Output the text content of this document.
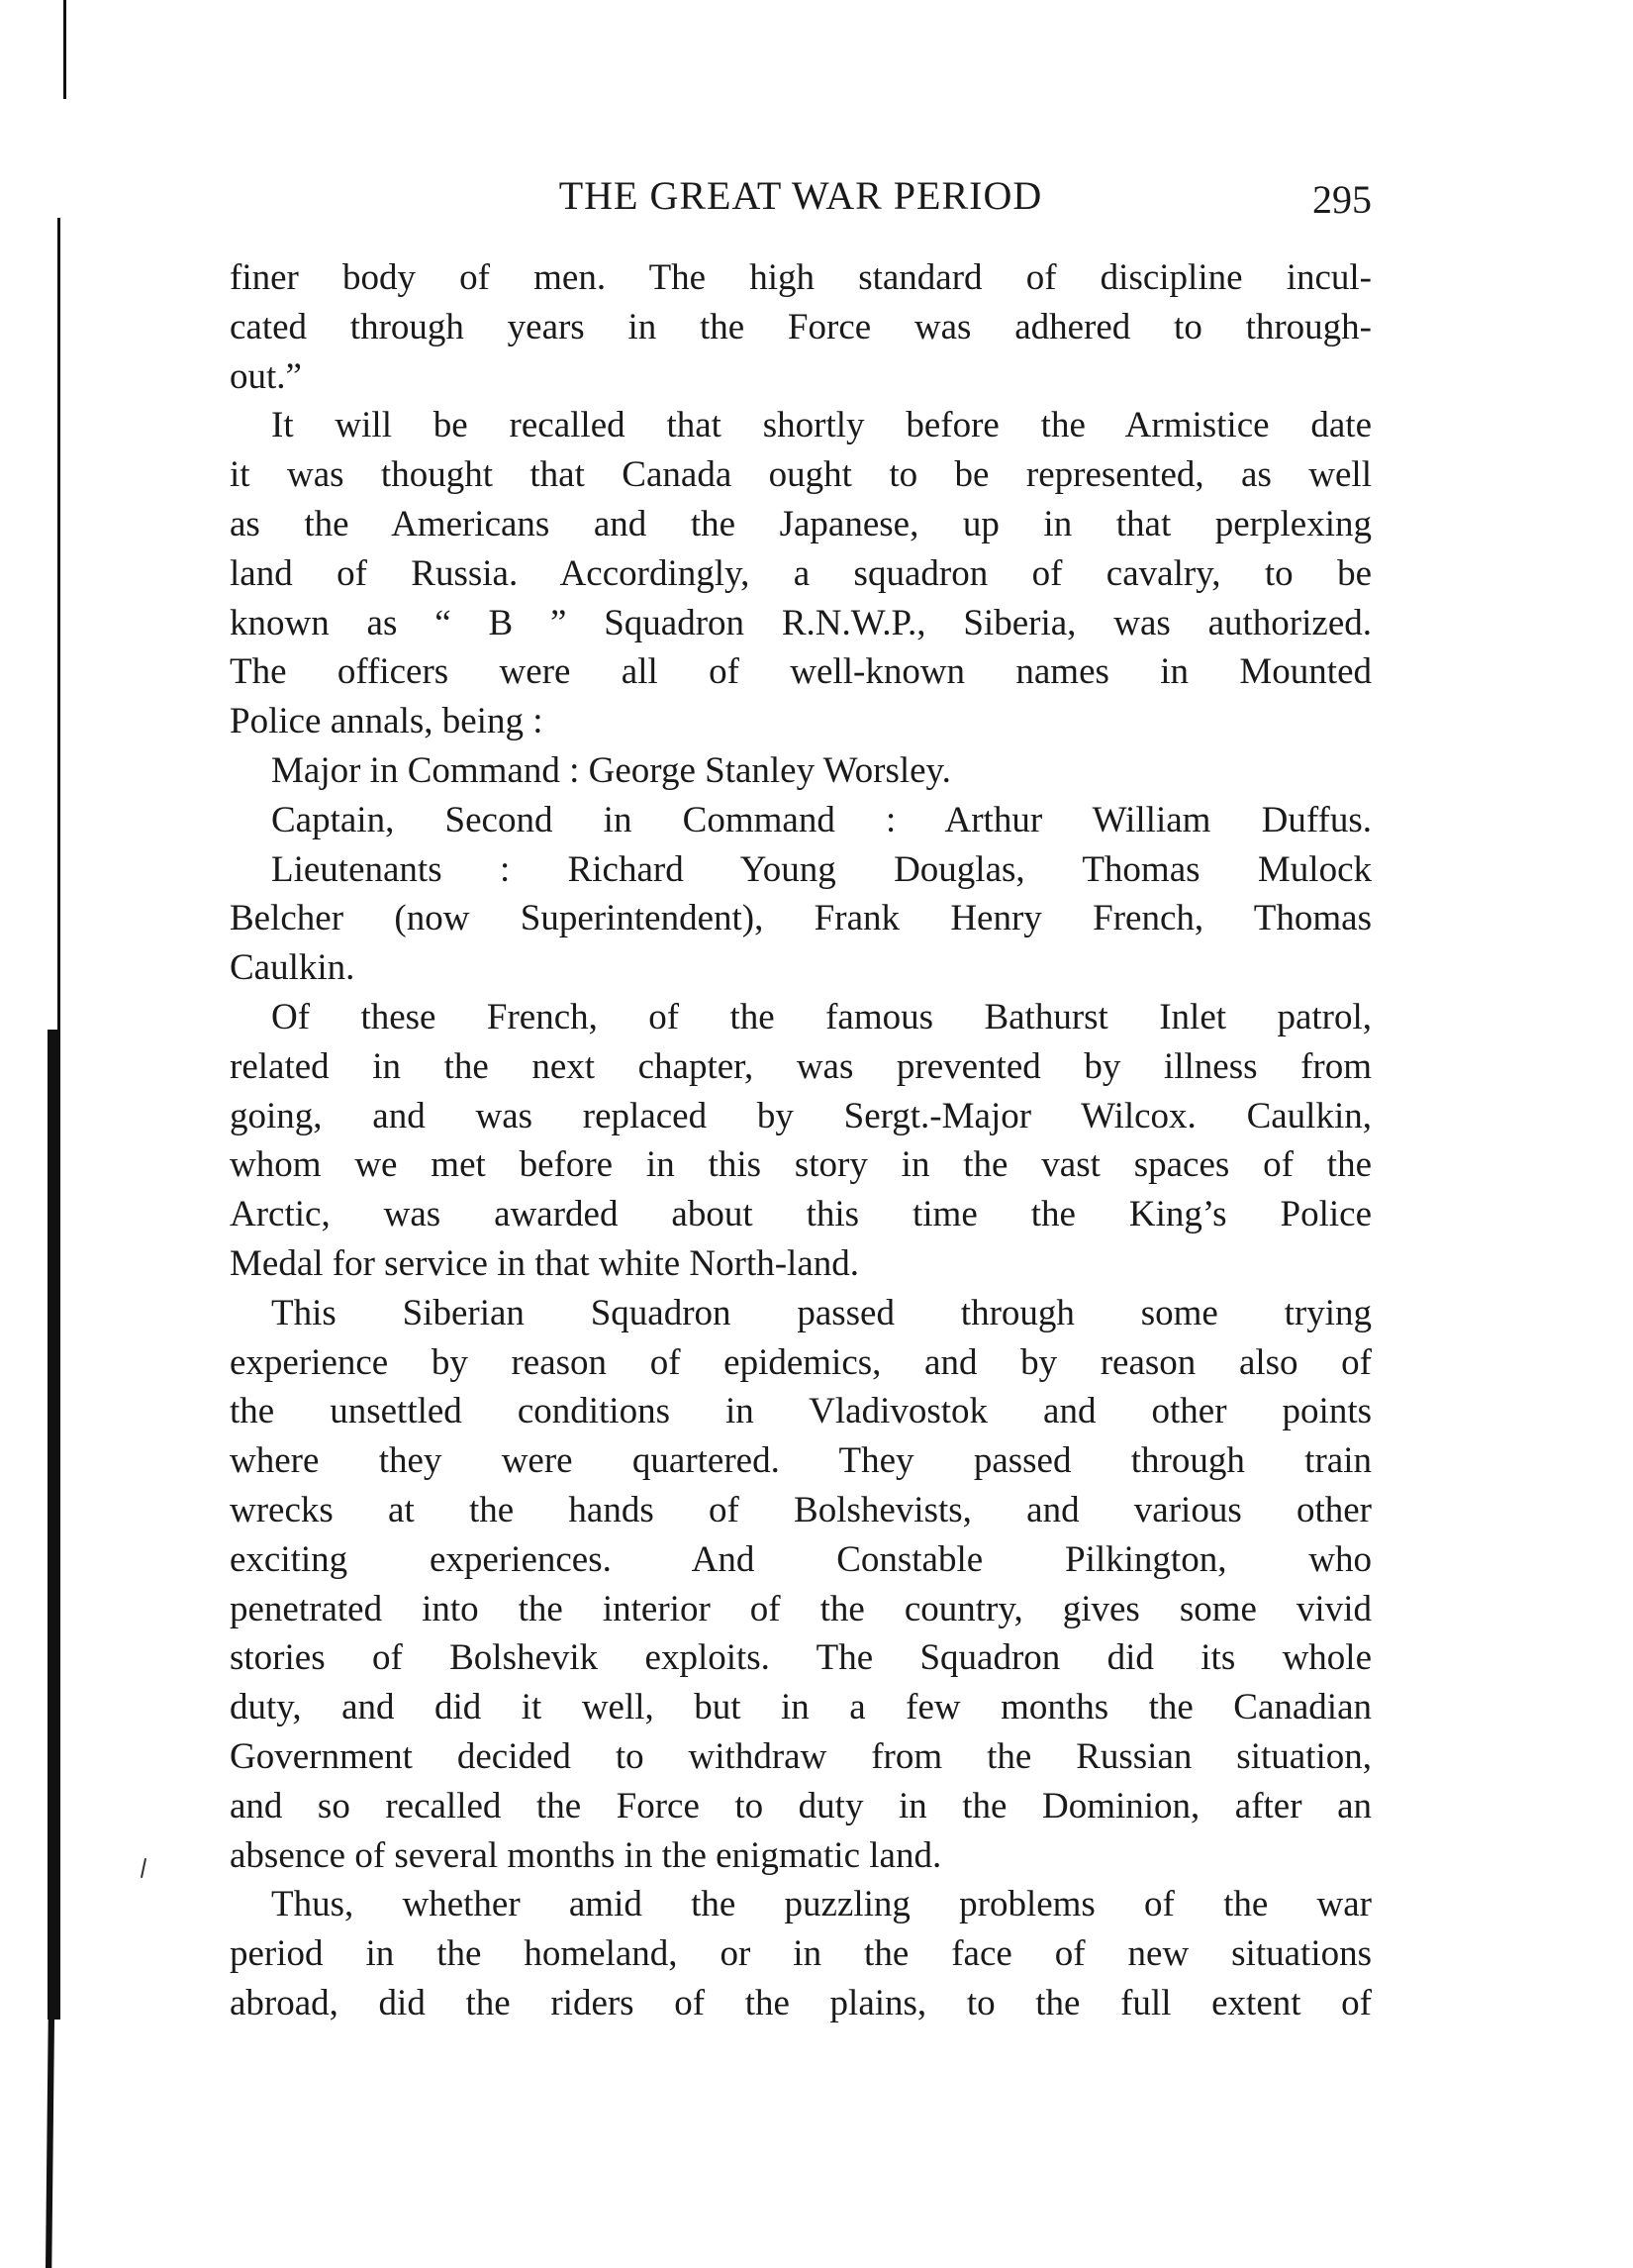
THE GREAT WAR PERIOD	295
finer body of men. The high standard of discipline incul-
cated through years in the Force was adhered to through-
out.”
It will be recalled that shortly before the Armistice date
it was thought that Canada ought to be represented, as well
as the Americans and the Japanese, up in that perplexing
land of Russia. Accordingly, a squadron of cavalry, to be
known as “ B ” Squadron R.N.W.P., Siberia, was authorized.
The officers were all of well-known names in Mounted
Police annals, being :
Major in Command : George Stanley Worsley.
Captain, Second in Command : Arthur William Duffus.
Lieutenants : Richard Young Douglas, Thomas Mulock
Belcher (now Superintendent), Frank Henry French, Thomas
Caulkin.
Of these French, of the famous Bathurst Inlet patrol,
related in the next chapter, was prevented by illness from
going, and was replaced by Sergt.-Major Wilcox. Caulkin,
whom we met before in this story in the vast spaces of the
Arctic, was awarded about this time the King’s Police
Medal for service in that white North-land.
This Siberian Squadron passed through some trying
experience by reason of epidemics, and by reason also of
the unsettled conditions in Vladivostok and other points
where they were quartered. They passed through train
wrecks at the hands of Bolshevists, and various other
exciting experiences. And Constable Pilkington, who
penetrated into the interior of the country, gives some vivid
stories of Bolshevik exploits. The Squadron did its whole
duty, and did it well, but in a few months the Canadian
Government decided to withdraw from the Russian situation,
and so recalled the Force to duty in the Dominion, after an
absence of several months in the enigmatic land.
Thus, whether amid the puzzling problems of the war
period in the homeland, or in the face of new situations
abroad, did the riders of the plains, to the full extent of
